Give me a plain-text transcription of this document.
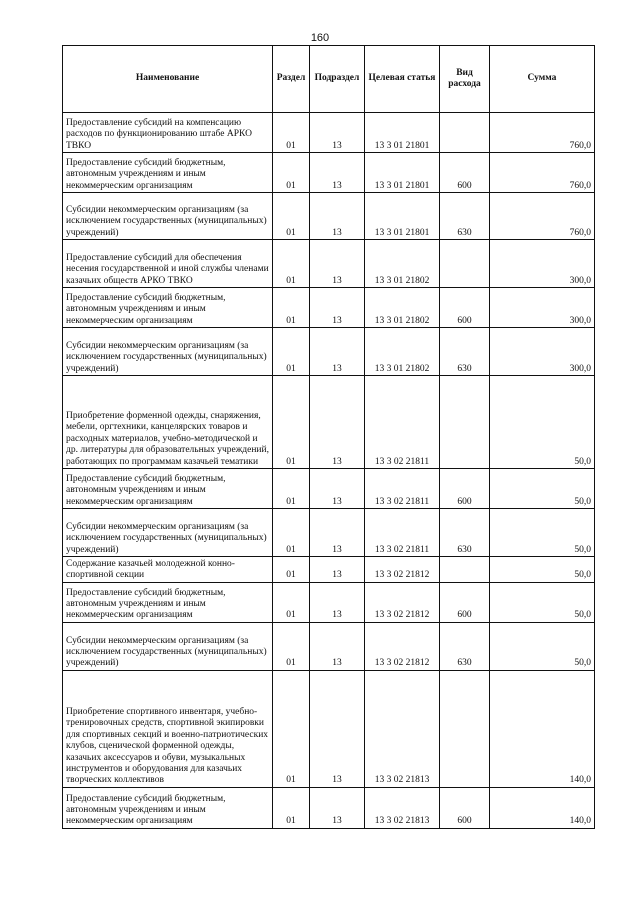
160
Наименование	Раздел	Подраздел	Целевая статья	Вид расхода	Сумма
Предоставление субсидий на компенсацию расходов по функционированию штабе АРКО ТВКО	01	13	13 3 01 21801		760,0
Предоставление субсидий бюджетным, автономным учреждениям и иным некоммерческим организациям	01	13	13 3 01 21801	600	760,0
Субсидии некоммерческим организациям (за исключением государственных (муниципальных) учреждений)	01	13	13 3 01 21801	630	760,0
Предоставление субсидий для обеспечения несения государственной и иной службы членами казачьих обществ АРКО ТВКО	01	13	13 3 01 21802		300,0
Предоставление субсидий бюджетным, автономным учреждениям и иным некоммерческим организациям	01	13	13 3 01 21802	600	300,0
Субсидии некоммерческим организациям (за исключением государственных (муниципальных) учреждений)	01	13	13 3 01 21802	630	300,0
Приобретение форменной одежды, снаряжения, мебели, оргтехники, канцелярских товаров и расходных материалов, учебно-методической и др. литературы для образовательных учреждений, работающих по программам казачьей тематики	01	13	13 3 02 21811		50,0
Предоставление субсидий бюджетным, автономным учреждениям и иным некоммерческим организациям	01	13	13 3 02 21811	600	50,0
Субсидии некоммерческим организациям (за исключением государственных (муниципальных) учреждений)	01	13	13 3 02 21811	630	50,0
Содержание казачьей молодежной конно-спортивной секции	01	13	13 3 02 21812		50,0
Предоставление субсидий бюджетным, автономным учреждениям и иным некоммерческим организациям	01	13	13 3 02 21812	600	50,0
Субсидии некоммерческим организациям (за исключением государственных (муниципальных) учреждений)	01	13	13 3 02 21812	630	50,0
Приобретение спортивного инвентаря, учебно-тренировочных средств, спортивной экипировки для спортивных секций и военно-патриотических клубов, сценической форменной одежды, казачьих аксессуаров и обуви, музыкальных инструментов и оборудования для казачьих творческих коллективов	01	13	13 3 02 21813		140,0
Предоставление субсидий бюджетным, автономным учреждениям и иным некоммерческим организациям	01	13	13 3 02 21813	600	140,0
